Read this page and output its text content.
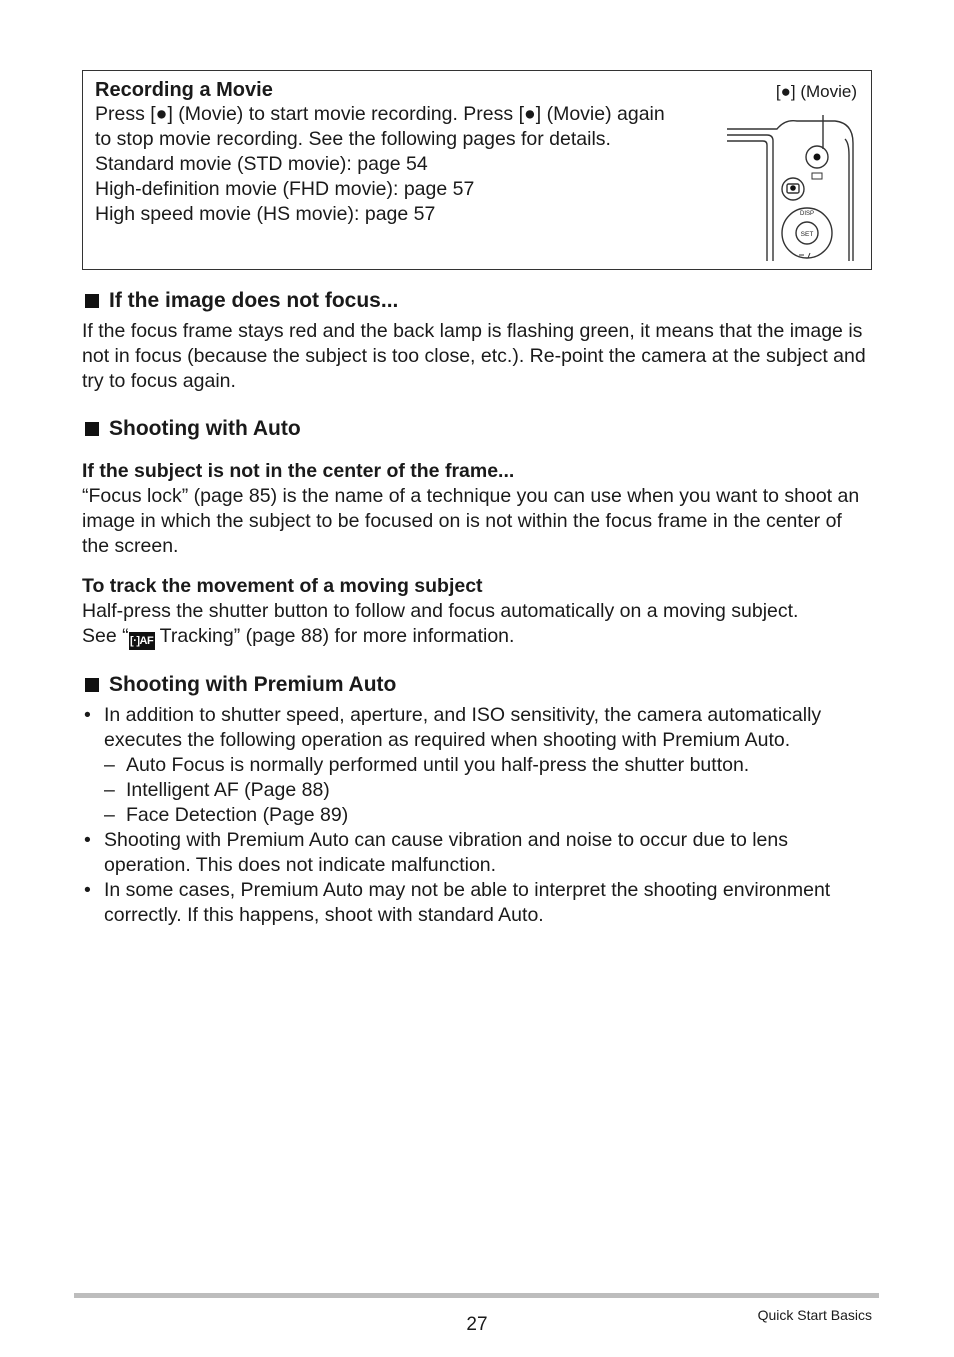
Recording a Movie
Press [●] (Movie) to start movie recording. Press [●] (Movie) again to stop movie recording. See the following pages for details.
Standard movie (STD movie): page 54
High-definition movie (FHD movie): page 57
High speed movie (HS movie): page 57
[●] (Movie)
DISP
SET
If the image does not focus...

If the focus frame stays red and the back lamp is flashing green, it means that the image is not in focus (because the subject is too close, etc.). Re-point the camera at the subject and try to focus again.

Shooting with Auto
If the subject is not in the center of the frame...

“Focus lock” (page 85) is the name of a technique you can use when you want to shoot an image in which the subject to be focused on is not within the focus frame in the center of the screen.

To track the movement of a moving subject

Half-press the shutter button to follow and focus automatically on a moving subject.
See “[·]AF Tracking” (page 88) for more information.

Shooting with Premium Auto
• In addition to shutter speed, aperture, and ISO sensitivity, the camera automatically executes the following operation as required when shooting with Premium Auto.
– Auto Focus is normally performed until you half-press the shutter button.
– Intelligent AF (Page 88)
– Face Detection (Page 89)
• Shooting with Premium Auto can cause vibration and noise to occur due to lens operation. This does not indicate malfunction.
• In some cases, Premium Auto may not be able to interpret the shooting environment correctly. If this happens, shoot with standard Auto.
27	Quick Start Basics
